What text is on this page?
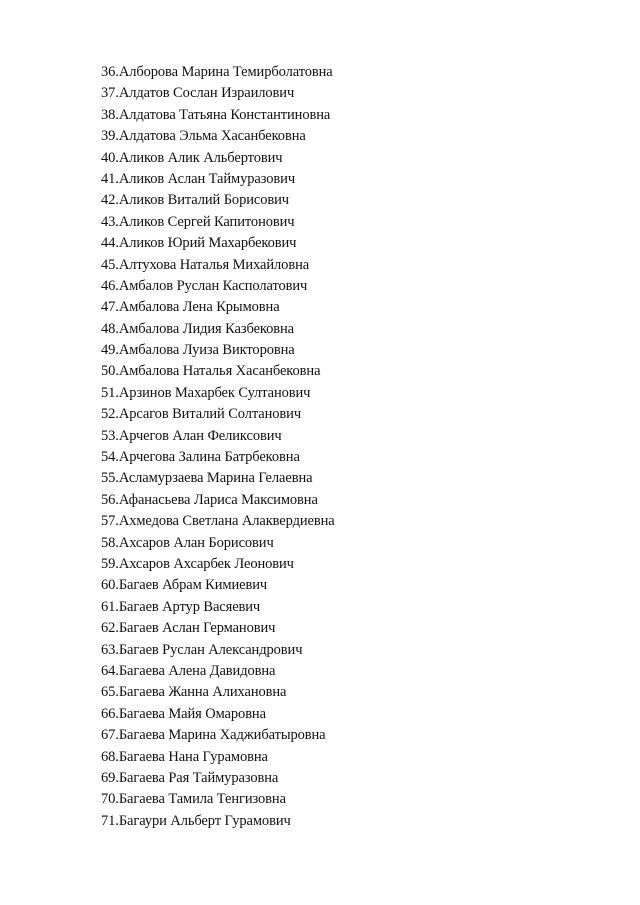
36.Алборова Марина Темирболатовна
37.Алдатов Сослан Израилович
38.Алдатова Татьяна Константиновна
39.Алдатова Эльма Хасанбековна
40.Аликов Алик Альбертович
41.Аликов Аслан Таймуразович
42.Аликов Виталий Борисович
43.Аликов Сергей Капитонович
44.Аликов Юрий Махарбекович
45.Алтухова Наталья Михайловна
46.Амбалов Руслан Касполатович
47.Амбалова Лена Крымовна
48.Амбалова Лидия Казбековна
49.Амбалова Луиза Викторовна
50.Амбалова Наталья Хасанбековна
51.Арзинов Махарбек Султанович
52.Арсагов Виталий Солтанович
53.Арчегов Алан Феликсович
54.Арчегова Залина Батрбековна
55.Асламурзаева Марина Гелаевна
56.Афанасьева Лариса Максимовна
57.Ахмедова Светлана Алаквердиевна
58.Ахсаров Алан Борисович
59.Ахсаров Ахсарбек Леонович
60.Багаев Абрам Кимиевич
61.Багаев Артур Васяевич
62.Багаев Аслан Германович
63.Багаев Руслан Александрович
64.Багаева Алена Давидовна
65.Багаева Жанна Алихановна
66.Багаева Майя Омаровна
67.Багаева Марина Хаджибатыровна
68.Багаева Нана Гурамовна
69.Багаева Рая Таймуразовна
70.Багаева Тамила Тенгизовна
71.Багаури Альберт Гурамович
